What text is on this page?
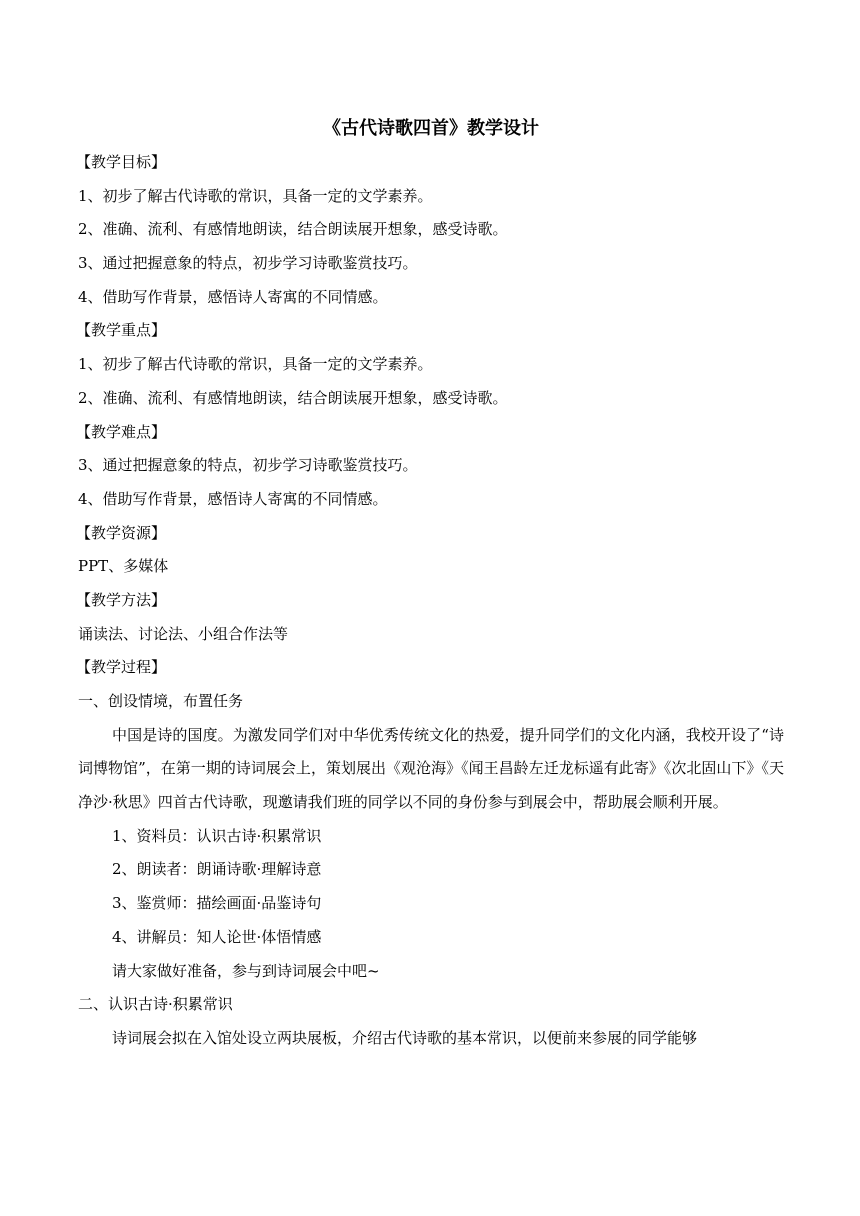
《古代诗歌四首》教学设计

【教学目标】

1、初步了解古代诗歌的常识，具备一定的文学素养。

2、准确、流利、有感情地朗读，结合朗读展开想象，感受诗歌。

3、通过把握意象的特点，初步学习诗歌鉴赏技巧。

4、借助写作背景，感悟诗人寄寓的不同情感。

【教学重点】

1、初步了解古代诗歌的常识，具备一定的文学素养。

2、准确、流利、有感情地朗读，结合朗读展开想象，感受诗歌。

【教学难点】

3、通过把握意象的特点，初步学习诗歌鉴赏技巧。

4、借助写作背景，感悟诗人寄寓的不同情感。

【教学资源】

PPT、多媒体

【教学方法】

诵读法、讨论法、小组合作法等

【教学过程】

一、创设情境，布置任务

中国是诗的国度。为激发同学们对中华优秀传统文化的热爱，提升同学们的文化内涵，我校开设了“诗词博物馆”，在第一期的诗词展会上，策划展出《观沧海》《闻王昌龄左迁龙标遥有此寄》《次北固山下》《天净沙·秋思》四首古代诗歌，现邀请我们班的同学以不同的身份参与到展会中，帮助展会顺利开展。

1、资料员：认识古诗·积累常识

2、朗读者：朗诵诗歌·理解诗意

3、鉴赏师：描绘画面·品鉴诗句

4、讲解员：知人论世·体悟情感

请大家做好准备，参与到诗词展会中吧~

二、认识古诗·积累常识

诗词展会拟在入馆处设立两块展板，介绍古代诗歌的基本常识，以便前来参展的同学能够
